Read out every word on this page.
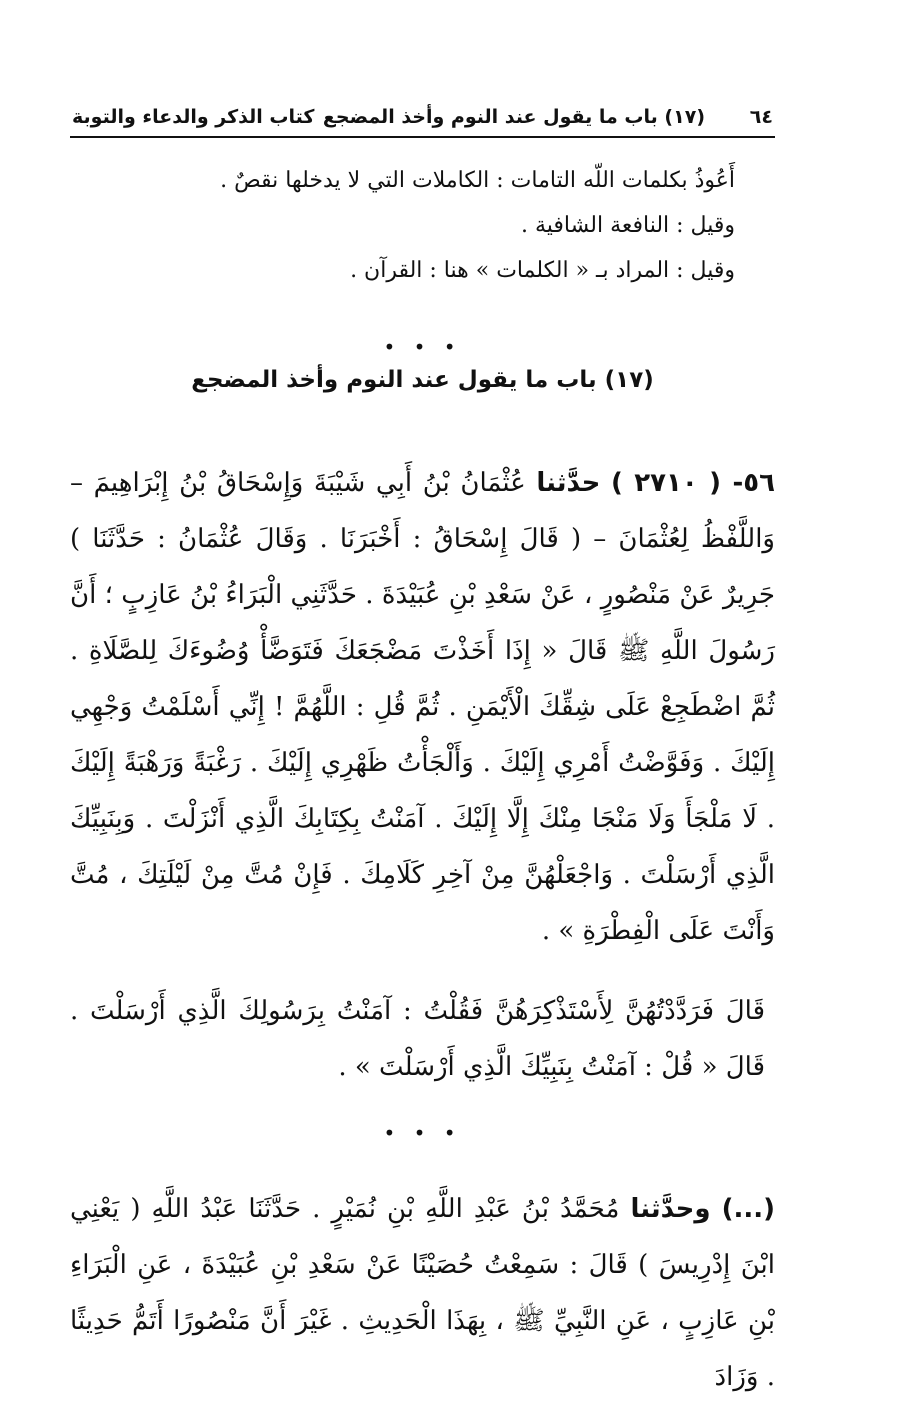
٦٤
(١٧) باب ما يقول عند النوم وأخذ المضجع
كتاب الذكر والدعاء والتوبة

أَعُوذُ بكلمات اللّه التامات : الكاملات التي لا يدخلها نقصٌ .

وقيل : النافعة الشافية .

وقيل : المراد بـ « الكلمات » هنا : القرآن .

• • •
(١٧) باب ما يقول عند النوم وأخذ المضجع

٥٦- ( ٢٧١٠ ) حدَّثنا عُثْمَانُ بْنُ أَبِي شَيْبَةَ وَإِسْحَاقُ بْنُ إِبْرَاهِيمَ – وَاللَّفْظُ لِعُثْمَانَ – ( قَالَ إِسْحَاقُ : أَخْبَرَنَا . وَقَالَ عُثْمَانُ : حَدَّثَنَا ) جَرِيرٌ عَنْ مَنْصُورٍ ، عَنْ سَعْدِ بْنِ عُبَيْدَةَ . حَدَّثَنِي الْبَرَاءُ بْنُ عَازِبٍ ؛ أَنَّ رَسُولَ اللَّهِ ﷺ قَالَ « إِذَا أَخَذْتَ مَضْجَعَكَ فَتَوَضَّأْ وُضُوءَكَ لِلصَّلَاةِ . ثُمَّ اضْطَجِعْ عَلَى شِقِّكَ الْأَيْمَنِ . ثُمَّ قُلِ : اللَّهُمَّ ! إِنِّي أَسْلَمْتُ وَجْهِي إِلَيْكَ . وَفَوَّضْتُ أَمْرِي إِلَيْكَ . وَأَلْجَأْتُ ظَهْرِي إِلَيْكَ . رَغْبَةً وَرَهْبَةً إِلَيْكَ . لَا مَلْجَأَ وَلَا مَنْجَا مِنْكَ إِلَّا إِلَيْكَ . آمَنْتُ بِكِتَابِكَ الَّذِي أَنْزَلْتَ . وَبِنَبِيِّكَ الَّذِي أَرْسَلْتَ . وَاجْعَلْهُنَّ مِنْ آخِرِ كَلَامِكَ . فَإِنْ مُتَّ مِنْ لَيْلَتِكَ ، مُتَّ وَأَنْتَ عَلَى الْفِطْرَةِ » .

قَالَ فَرَدَّدْتُهُنَّ لِأَسْتَذْكِرَهُنَّ فَقُلْتُ : آمَنْتُ بِرَسُولِكَ الَّذِي أَرْسَلْتَ . قَالَ « قُلْ : آمَنْتُ بِنَبِيِّكَ الَّذِي أَرْسَلْتَ » .

• • •

(...) وحدَّثنا مُحَمَّدُ بْنُ عَبْدِ اللَّهِ بْنِ نُمَيْرٍ . حَدَّثَنَا عَبْدُ اللَّهِ ( يَعْنِي ابْنَ إِدْرِيسَ ) قَالَ : سَمِعْتُ حُصَيْنًا عَنْ سَعْدِ بْنِ عُبَيْدَةَ ، عَنِ الْبَرَاءِ بْنِ عَازِبٍ ، عَنِ النَّبِيِّ ﷺ ، بِهَذَا الْحَدِيثِ . غَيْرَ أَنَّ مَنْصُورًا أَتَمُّ حَدِيثًا . وَزَادَ
